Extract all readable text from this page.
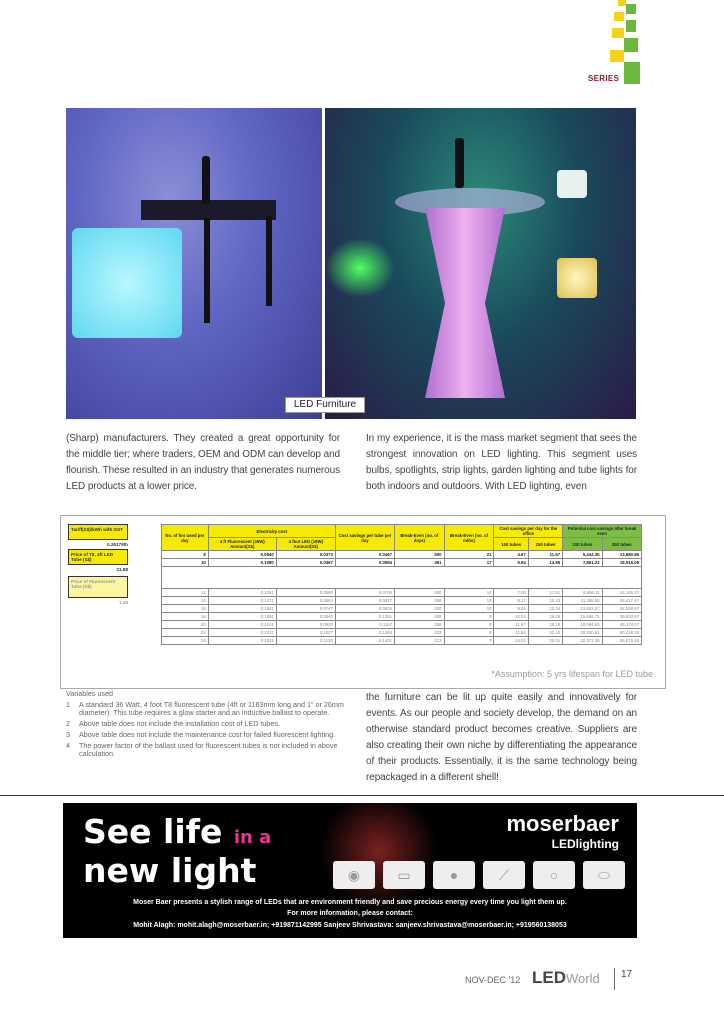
SERIES
LED Furniture

(Sharp) manufacturers. They created a great opportunity for the middle tier; where traders, OEM and ODM can develop and flourish. These resulted in an industry that generates numerous LED products at a lower price.

In my experience, it is the mass market segment that sees the strongest innovation on LED lighting. This segment uses bulbs, spotlights, strip lights, garden lighting and tube lights for both indoors and outdoors. With LED lighting, even

Tariff(S$)/kWh with GST
0.26179th
Price of T8, 4ft LED Tube (S$)
21.88
Price of Fluorescent Tube (S$)
1.28
No. of hrs used per day	Electricity cost		Cost savings per tube per day	Break-Even (no. of days)	Break-Even (no. of mths)	Cost savings per day for the office		Potential cost savings after break even	
	4 ft Fluorescent (36W) Amount(S$)	4 foot LED (18W) Amount(S$)				100 tubes	250 tubes	100 tubes	250 tubes
8	0.0840	0.0373	0.0467	500	21	4.67	11.67	5,444.35	13,680.86
10	0.1080	0.0467	0.0594	361	17	5.94	14.85	7,861.23	18,915.06

12	0.1261	0.0560	0.0700	400	14	7.00	17.51	8,686.11	24,165.27
14	0.1471	0.0654	0.0817	366	12	8.17	20.43	11,366.88	28,417.47
16	0.1681	0.0747	0.0934	320	10	9.34	23.34	13,862.27	34,558.67
18	0.1891	0.0840	0.1051	285	9	10.51	26.26	15,658.75	39,893.87
20	0.2101	0.0934	0.1167	256	8	11.67	29.18	18,094.63	45,174.07
22	0.2312	0.1027	0.1284	233	8	12.84	32.10	20,330.51	50,428.28
24	0.2521	0.1120	0.1401	213	7	14.01	35.01	22,371.38	55,878.48
*Assumption: 5 yrs lifespan for LED tube
Variables used
1	A standard 36 Watt, 4 foot T8 fluorescent tube (4ft or 1163mm long and 1" or 26mm diameter). This tube requires a glow starter and an inductive ballast to operate.
2	Above table does not include the installation cost of LED tubes.
3	Above table does not include the maintenance cost for failed fluorescent lighting.
4	The power factor of the ballast used for fluorescent tubes is not included in above calculation.

the furniture can be lit up quite easily and innovatively for events. As our people and society develop, the demand on an otherwise standard product becomes creative. Suppliers are also creating their own niche by differentiating the appearance of their products. Essentially, it is the same technology being repackaged in a different shell!

See life in a
new light
moserbaer
LEDlighting
◉	▭	●	⟋	○	⬭
Moser Baer presents a stylish range of LEDs that are environment friendly and save precious energy every time you light them up.
For more information, please contact:
Mohit Alagh: mohit.alagh@moserbaer.in; +919871142995 Sanjeev Shrivastava: sanjeev.shrivastava@moserbaer.in; +919560138053
NOV-DEC '12 LEDWorld	17
